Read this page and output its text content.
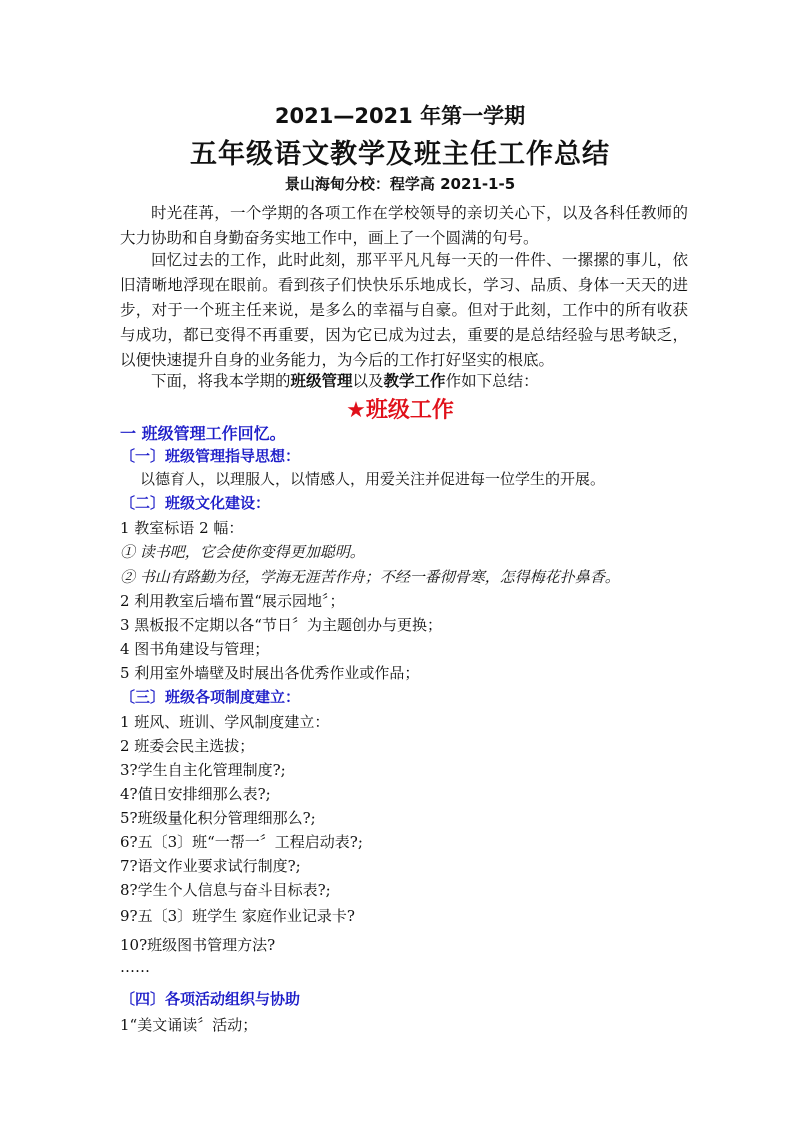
2021—2021 年第一学期
五年级语文教学及班主任工作总结
景山海甸分校：程学高 2021-1-5
时光荏苒，一个学期的各项工作在学校领导的亲切关心下，以及各科任教师的大力协助和自身勤奋务实地工作中，画上了一个圆满的句号。
回忆过去的工作，此时此刻，那平平凡凡每一天的一件件、一摞摞的事儿，依旧清晰地浮现在眼前。看到孩子们快快乐乐地成长，学习、品质、身体一天天的进步，对于一个班主任来说，是多么的幸福与自豪。但对于此刻，工作中的所有收获与成功，都已变得不再重要，因为它已成为过去，重要的是总结经验与思考缺乏，以便快速提升自身的业务能力，为今后的工作打好坚实的根底。
下面，将我本学期的班级管理以及教学工作作如下总结：
★班级工作
一 班级管理工作回忆。
〔一〕班级管理指导思想：
以德育人，以理服人，以情感人，用爱关注并促进每一位学生的开展。
〔二〕班级文化建设：
1 教室标语 2 幅：
① 读书吧，它会使你变得更加聪明。
② 书山有路勤为径，学海无涯苦作舟；不经一番彻骨寒，怎得梅花扑鼻香。
2 利用教室后墙布置“展示园地〞；
3 黑板报不定期以各“节日〞为主题创办与更换；
4 图书角建设与管理；
5 利用室外墙壁及时展出各优秀作业或作品；
〔三〕班级各项制度建立：
1 班风、班训、学风制度建立：
2 班委会民主选拔；
3?学生自主化管理制度?;
4?值日安排细那么表?;
5?班级量化积分管理细那么?;
6?五〔3〕班“一帮一〞工程启动表?;
7?语文作业要求试行制度?;
8?学生个人信息与奋斗目标表?;
9?五〔3〕班学生 家庭作业记录卡?
10?班级图书管理方法?
……
〔四〕各项活动组织与协助
1“美文诵读〞活动；
